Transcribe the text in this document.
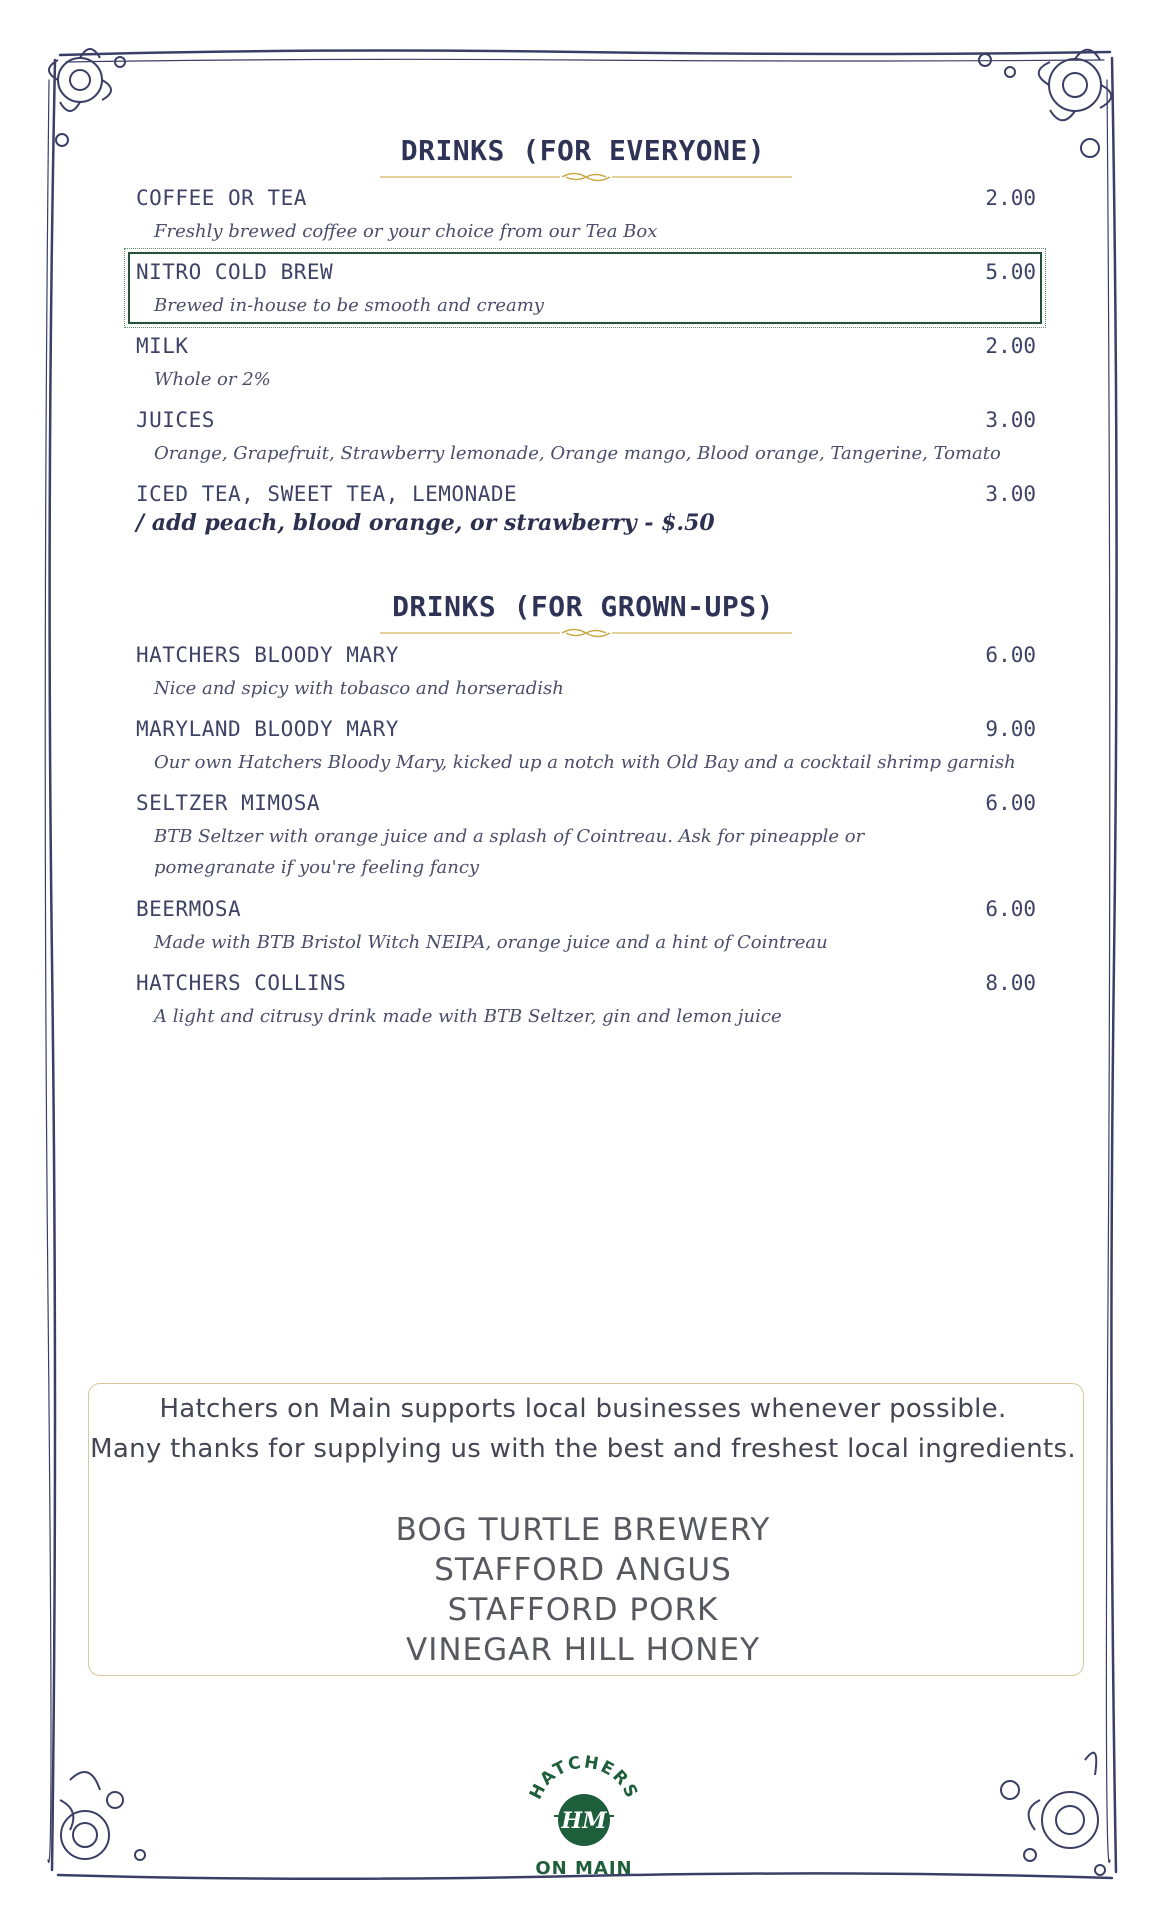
DRINKS (FOR EVERYONE)
COFFEE OR TEA	2.00
Freshly brewed coffee or your choice from our Tea Box
NITRO COLD BREW	5.00
Brewed in-house to be smooth and creamy
MILK	2.00
Whole or 2%
JUICES	3.00
Orange, Grapefruit, Strawberry lemonade, Orange mango, Blood orange, Tangerine, Tomato
ICED TEA, SWEET TEA, LEMONADE	3.00
/ add peach, blood orange, or strawberry - $.50
DRINKS (FOR GROWN-UPS)
HATCHERS BLOODY MARY	6.00
Nice and spicy with tobasco and horseradish
MARYLAND BLOODY MARY	9.00
Our own Hatchers Bloody Mary, kicked up a notch with Old Bay and a cocktail shrimp garnish
SELTZER MIMOSA	6.00
BTB Seltzer with orange juice and a splash of Cointreau. Ask for pineapple or pomegranate if you're feeling fancy
BEERMOSA	6.00
Made with BTB Bristol Witch NEIPA, orange juice and a hint of Cointreau
HATCHERS COLLINS	8.00
A light and citrusy drink made with BTB Seltzer, gin and lemon juice
Hatchers on Main supports local businesses whenever possible.
Many thanks for supplying us with the best and freshest local ingredients.
BOG TURTLE BREWERY
STAFFORD ANGUS
STAFFORD PORK
VINEGAR HILL HONEY
HATCHERS
HM
ON MAIN
